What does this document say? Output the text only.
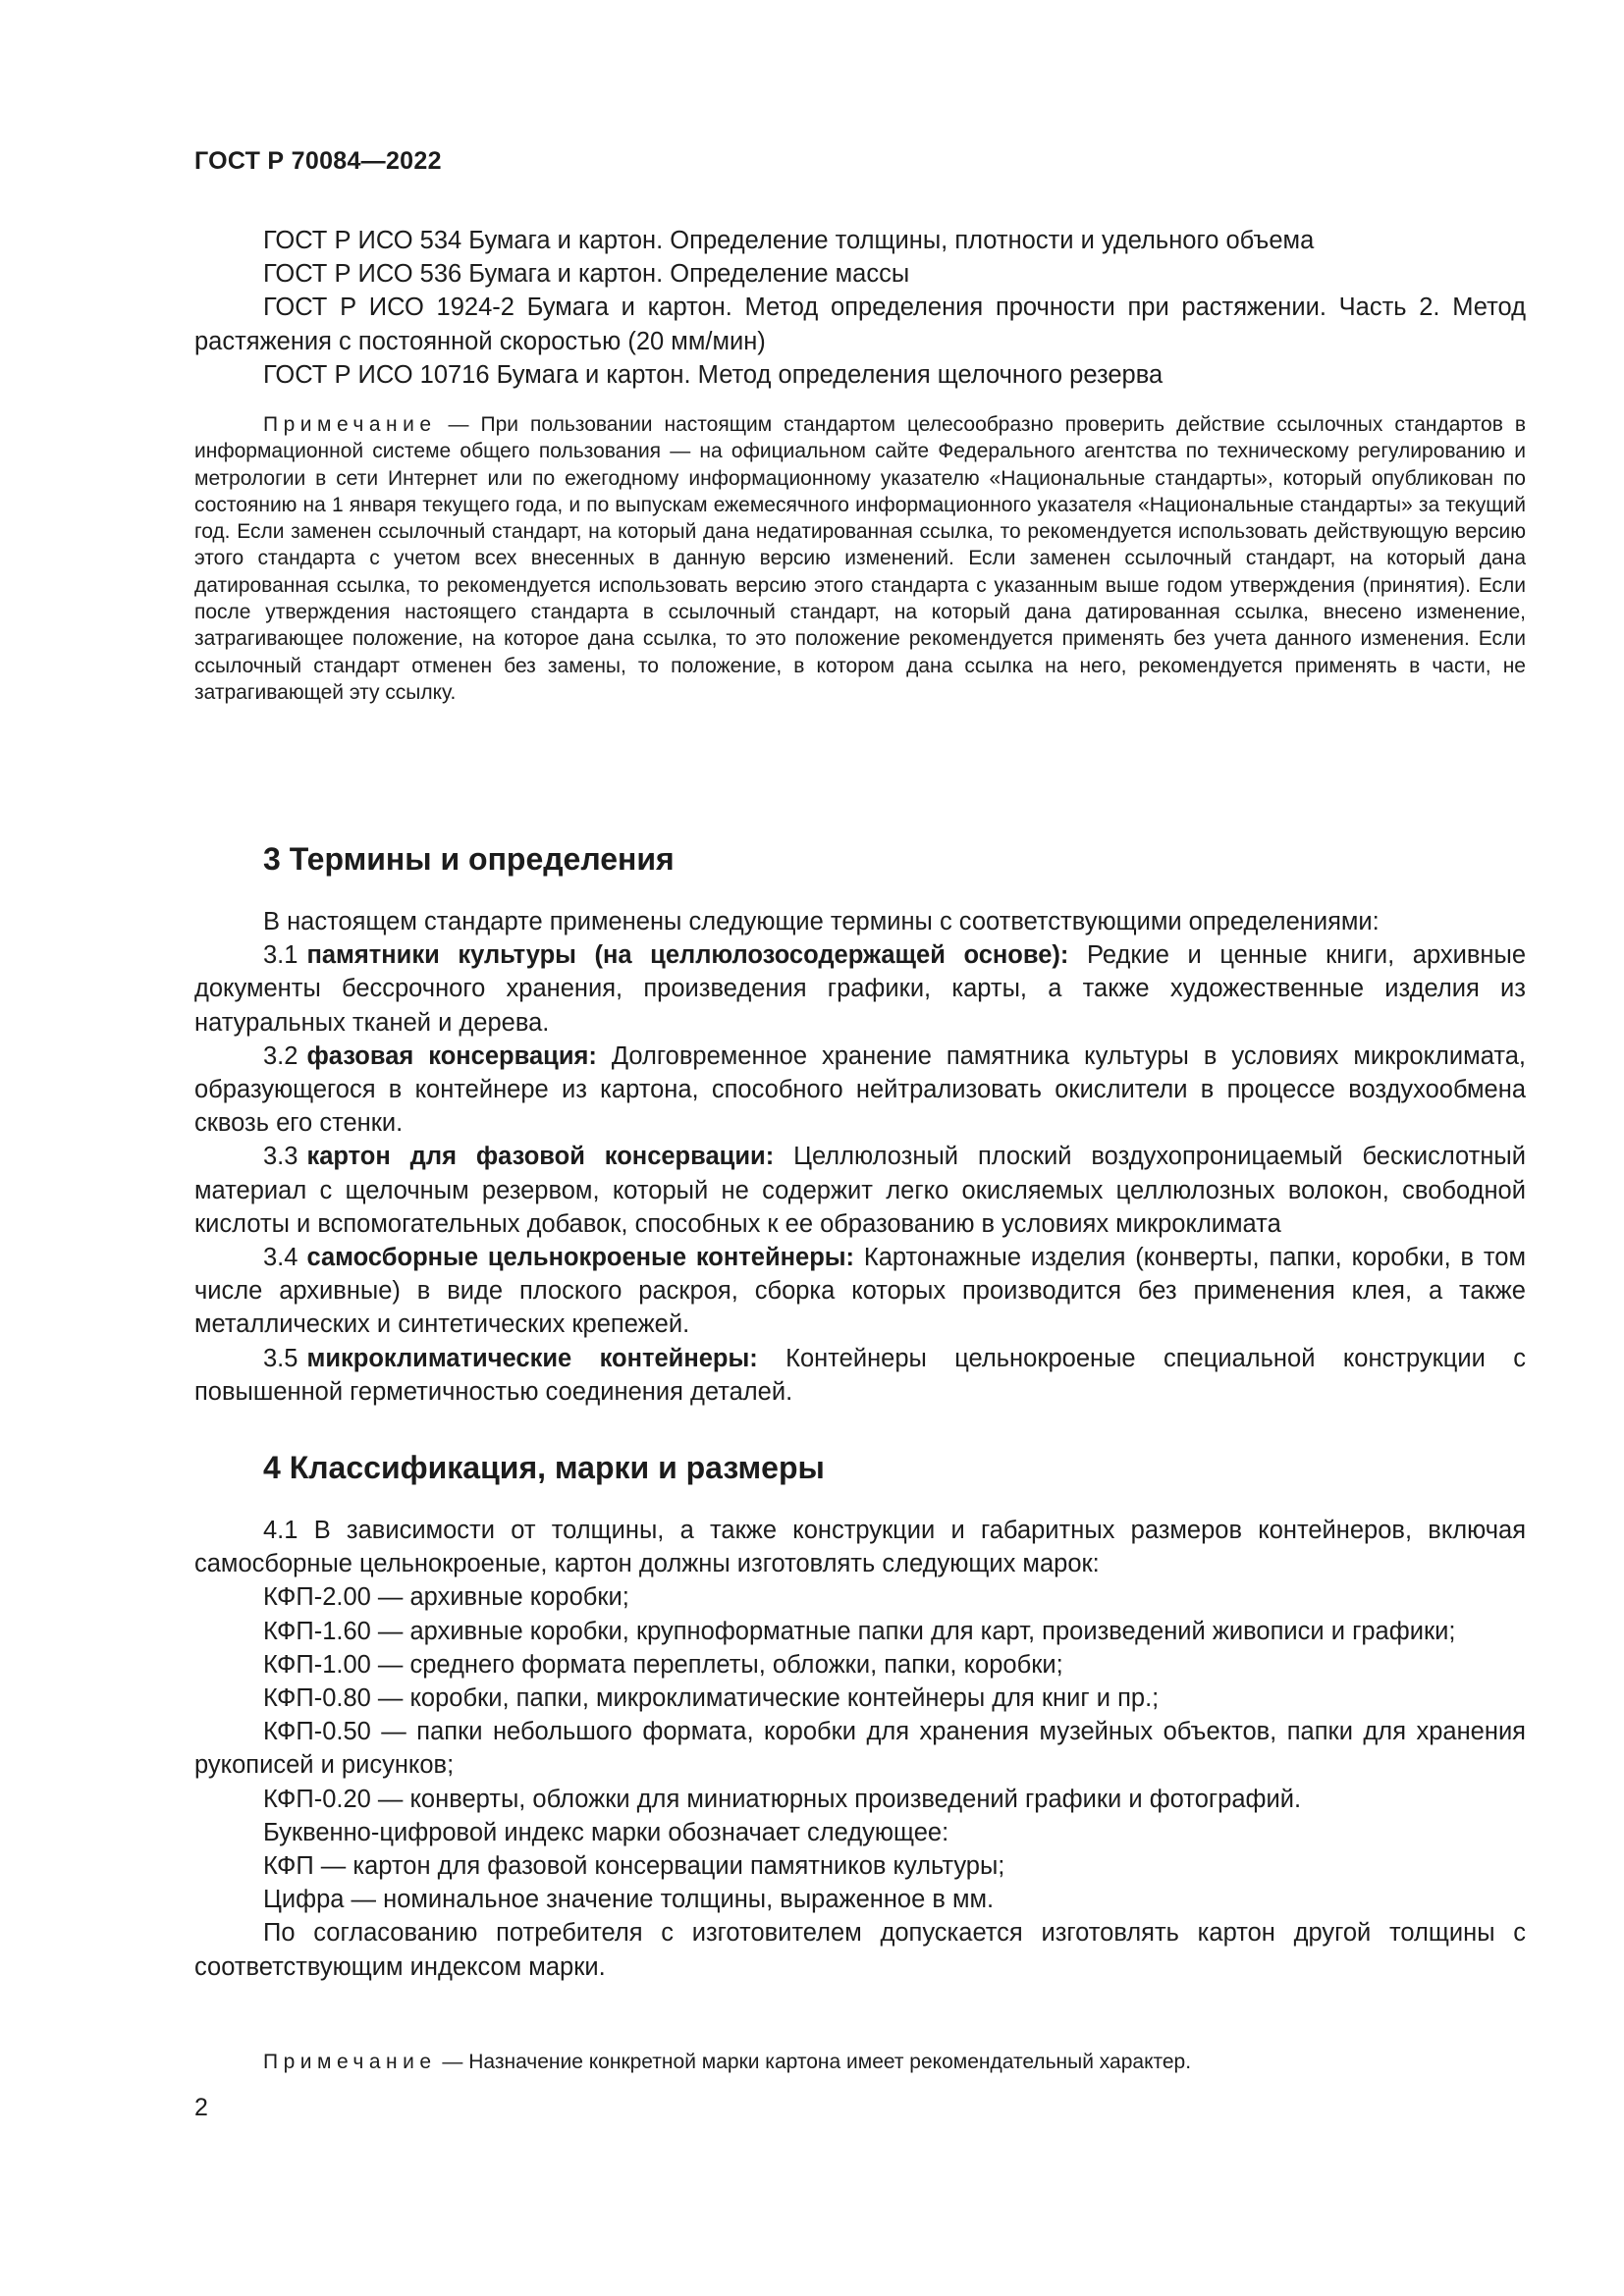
ГОСТ Р 70084—2022

ГОСТ Р ИСО 534 Бумага и картон. Определение толщины, плотности и удельного объема

ГОСТ Р ИСО 536 Бумага и картон. Определение массы

ГОСТ Р ИСО 1924-2 Бумага и картон. Метод определения прочности при растяжении. Часть 2. Метод растяжения с постоянной скоростью (20 мм/мин)

ГОСТ Р ИСО 10716 Бумага и картон. Метод определения щелочного резерва

Примечание — При пользовании настоящим стандартом целесообразно проверить действие ссылочных стандартов в информационной системе общего пользования — на официальном сайте Федерального агентства по техническому регулированию и метрологии в сети Интернет или по ежегодному информационному указателю «Национальные стандарты», который опубликован по состоянию на 1 января текущего года, и по выпускам ежемесячного информационного указателя «Национальные стандарты» за текущий год. Если заменен ссылочный стандарт, на который дана недатированная ссылка, то рекомендуется использовать действующую версию этого стандарта с учетом всех внесенных в данную версию изменений. Если заменен ссылочный стандарт, на который дана датированная ссылка, то рекомендуется использовать версию этого стандарта с указанным выше годом утверждения (принятия). Если после утверждения настоящего стандарта в ссылочный стандарт, на который дана датированная ссылка, внесено изменение, затрагивающее положение, на которое дана ссылка, то это положение рекомендуется применять без учета данного изменения. Если ссылочный стандарт отменен без замены, то положение, в котором дана ссылка на него, рекомендуется применять в части, не затрагивающей эту ссылку.

3 Термины и определения

В настоящем стандарте применены следующие термины с соответствующими определениями:

3.1 памятники культуры (на целлюлозосодержащей основе): Редкие и ценные книги, архивные документы бессрочного хранения, произведения графики, карты, а также художественные изделия из натуральных тканей и дерева.

3.2 фазовая консервация: Долговременное хранение памятника культуры в условиях микроклимата, образующегося в контейнере из картона, способного нейтрализовать окислители в процессе воздухообмена сквозь его стенки.

3.3 картон для фазовой консервации: Целлюлозный плоский воздухопроницаемый бескислотный материал с щелочным резервом, который не содержит легко окисляемых целлюлозных волокон, свободной кислоты и вспомогательных добавок, способных к ее образованию в условиях микроклимата

3.4 самосборные цельнокроеные контейнеры: Картонажные изделия (конверты, папки, коробки, в том числе архивные) в виде плоского раскроя, сборка которых производится без применения клея, а также металлических и синтетических крепежей.

3.5 микроклиматические контейнеры: Контейнеры цельнокроеные специальной конструкции с повышенной герметичностью соединения деталей.

4 Классификация, марки и размеры

4.1 В зависимости от толщины, а также конструкции и габаритных размеров контейнеров, включая самосборные цельнокроеные, картон должны изготовлять следующих марок:

КФП-2.00 — архивные коробки;

КФП-1.60 — архивные коробки, крупноформатные папки для карт, произведений живописи и графики;

КФП-1.00 — среднего формата переплеты, обложки, папки, коробки;

КФП-0.80 — коробки, папки, микроклиматические контейнеры для книг и пр.;

КФП-0.50 — папки небольшого формата, коробки для хранения музейных объектов, папки для хранения рукописей и рисунков;

КФП-0.20 — конверты, обложки для миниатюрных произведений графики и фотографий.

Буквенно-цифровой индекс марки обозначает следующее:

КФП — картон для фазовой консервации памятников культуры;

Цифра — номинальное значение толщины, выраженное в мм.

По согласованию потребителя с изготовителем допускается изготовлять картон другой толщины с соответствующим индексом марки.

Примечание — Назначение конкретной марки картона имеет рекомендательный характер.

2
